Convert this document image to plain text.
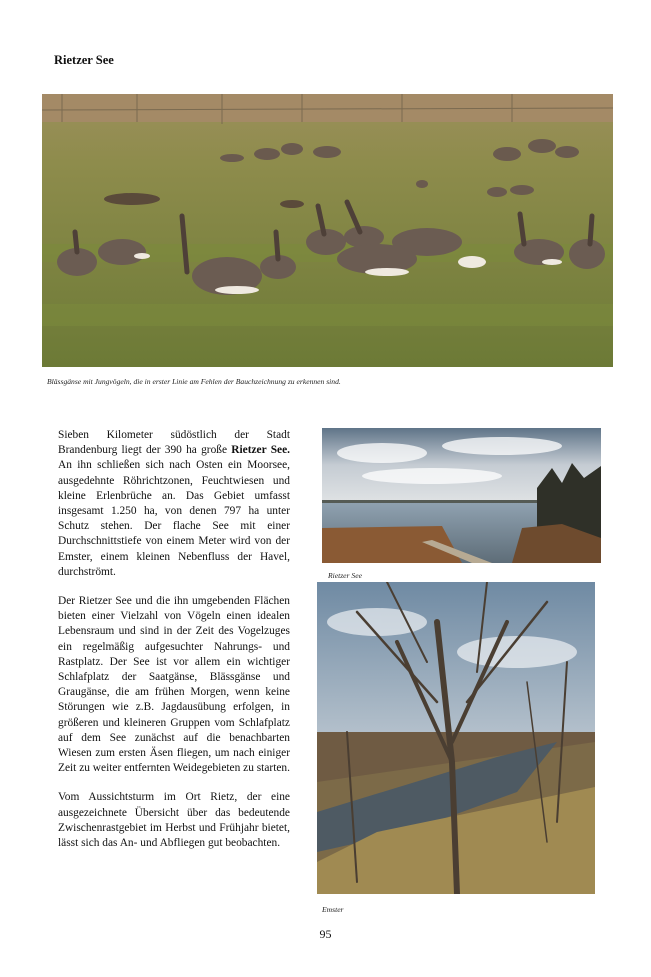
Rietzer See
Blässgänse mit Jungvögeln, die in erster Linie am Fehlen der Bauchzeichnung zu erkennen sind.

Sieben Kilometer südöstlich der Stadt Brandenburg liegt der 390 ha große Rietzer See. An ihn schließen sich nach Osten ein Moorsee, ausgedehnte Röhrichtzonen, Feuchtwiesen und kleine Erlenbrüche an. Das Gebiet umfasst insgesamt 1.250 ha, von denen 797 ha unter Schutz stehen. Der flache See mit einer Durchschnittstiefe von einem Meter wird von der Emster, einem kleinen Nebenfluss der Havel, durchströmt.

Der Rietzer See und die ihn umgebenden Flächen bieten einer Vielzahl von Vögeln einen idealen Lebensraum und sind in der Zeit des Vogelzuges ein regelmäßig aufgesuchter Nahrungs- und Rastplatz. Der See ist vor allem ein wichtiger Schlafplatz der Saatgänse, Blässgänse und Graugänse, die am frühen Morgen, wenn keine Störungen wie z.B. Jagdausübung erfolgen, in größeren und kleineren Gruppen vom Schlafplatz auf dem See zunächst auf die benachbarten Wiesen zum ersten Äsen fliegen, um nach einiger Zeit zu weiter entfernten Weidegebieten zu starten.

Vom Aussichtsturm im Ort Rietz, der eine ausgezeichnete Übersicht über das bedeutende Zwischenrastgebiet im Herbst und Frühjahr bietet, lässt sich das An- und Abfliegen gut beobachten.

Rietzer See
Emster
95
